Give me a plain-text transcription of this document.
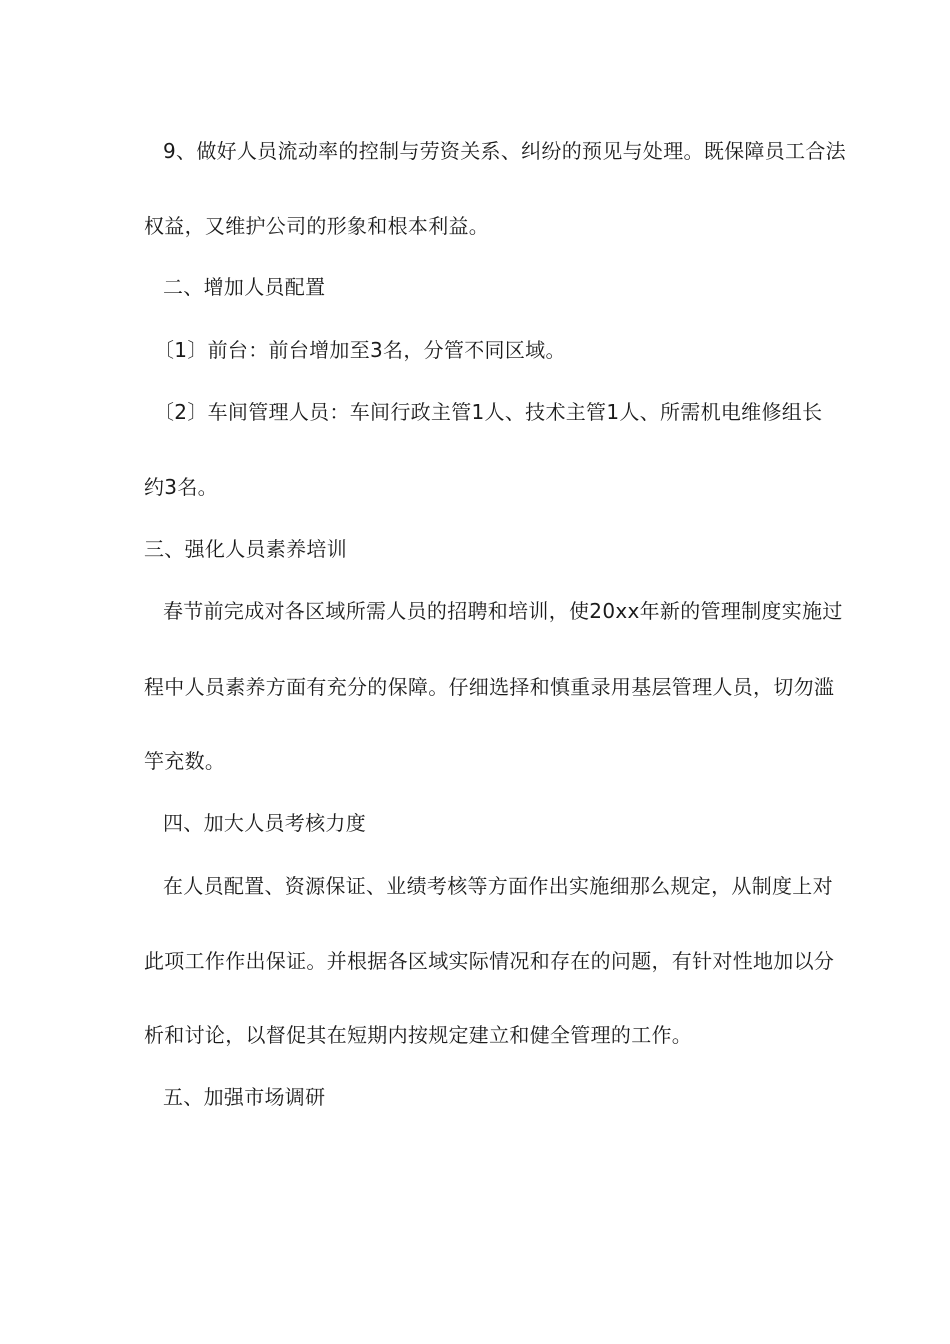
9、做好人员流动率的控制与劳资关系、纠纷的预见与处理。既保障员工合法
权益，又维护公司的形象和根本利益。
二、增加人员配置
〔1〕前台：前台增加至3名，分管不同区域。
〔2〕车间管理人员：车间行政主管1人、技术主管1人、所需机电维修组长
约3名。
三、强化人员素养培训
春节前完成对各区域所需人员的招聘和培训，使20xx年新的管理制度实施过
程中人员素养方面有充分的保障。仔细选择和慎重录用基层管理人员，切勿滥
竽充数。
四、加大人员考核力度
在人员配置、资源保证、业绩考核等方面作出实施细那么规定，从制度上对
此项工作作出保证。并根据各区域实际情况和存在的问题，有针对性地加以分
析和讨论，以督促其在短期内按规定建立和健全管理的工作。
五、加强市场调研
